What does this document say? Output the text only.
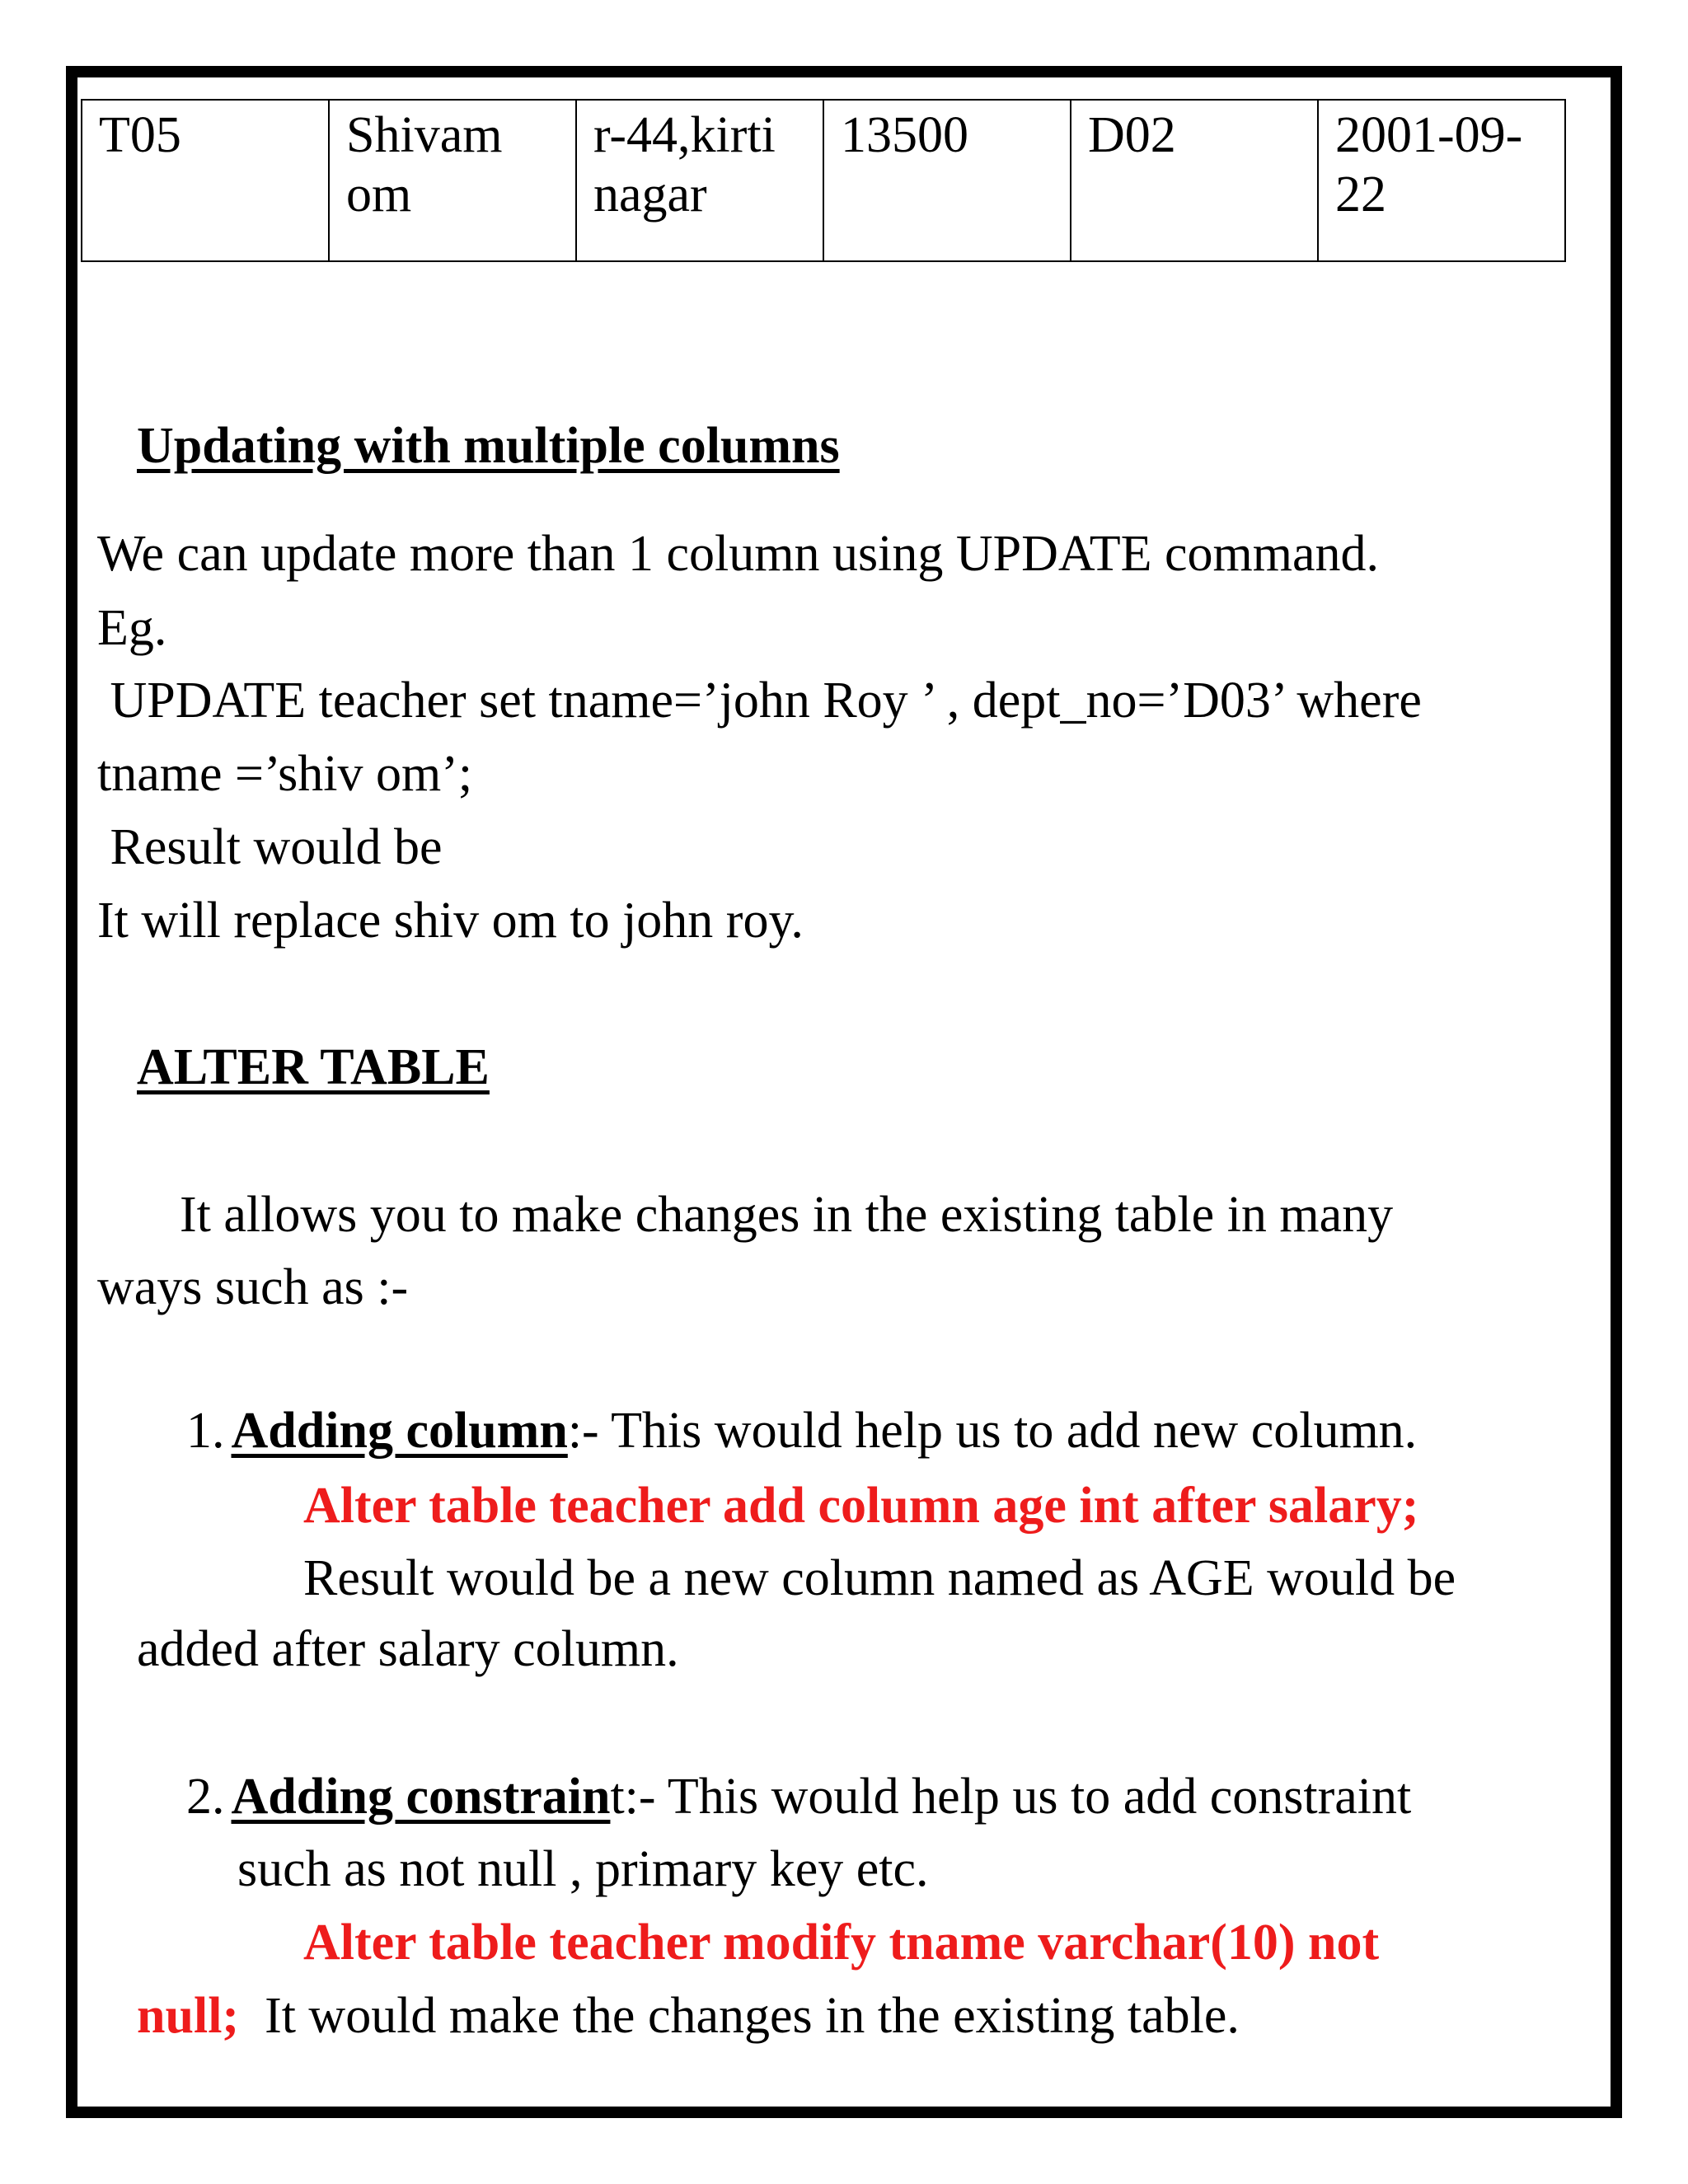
T05	Shivam om	r-44,kirti nagar	13500	D02	2001-09-22
Updating with multiple columns
We can update more than 1 column using UPDATE command.
Eg.
UPDATE teacher set tname=’john Roy ’ , dept_no=’D03’ where
tname =’shiv om’;
Result would be
It will replace shiv om to john roy.
ALTER TABLE
It allows you to make changes in the existing table in many
ways such as :-
1. Adding column:- This would help us to add new column.
Alter table teacher add column age int after salary;
Result would be a new column named as AGE would be
added after salary column.
2. Adding constraint:- This would help us to add constraint
such as not null , primary key etc.
Alter table teacher modify tname varchar(10) not
null;  It would make the changes in the existing table.
